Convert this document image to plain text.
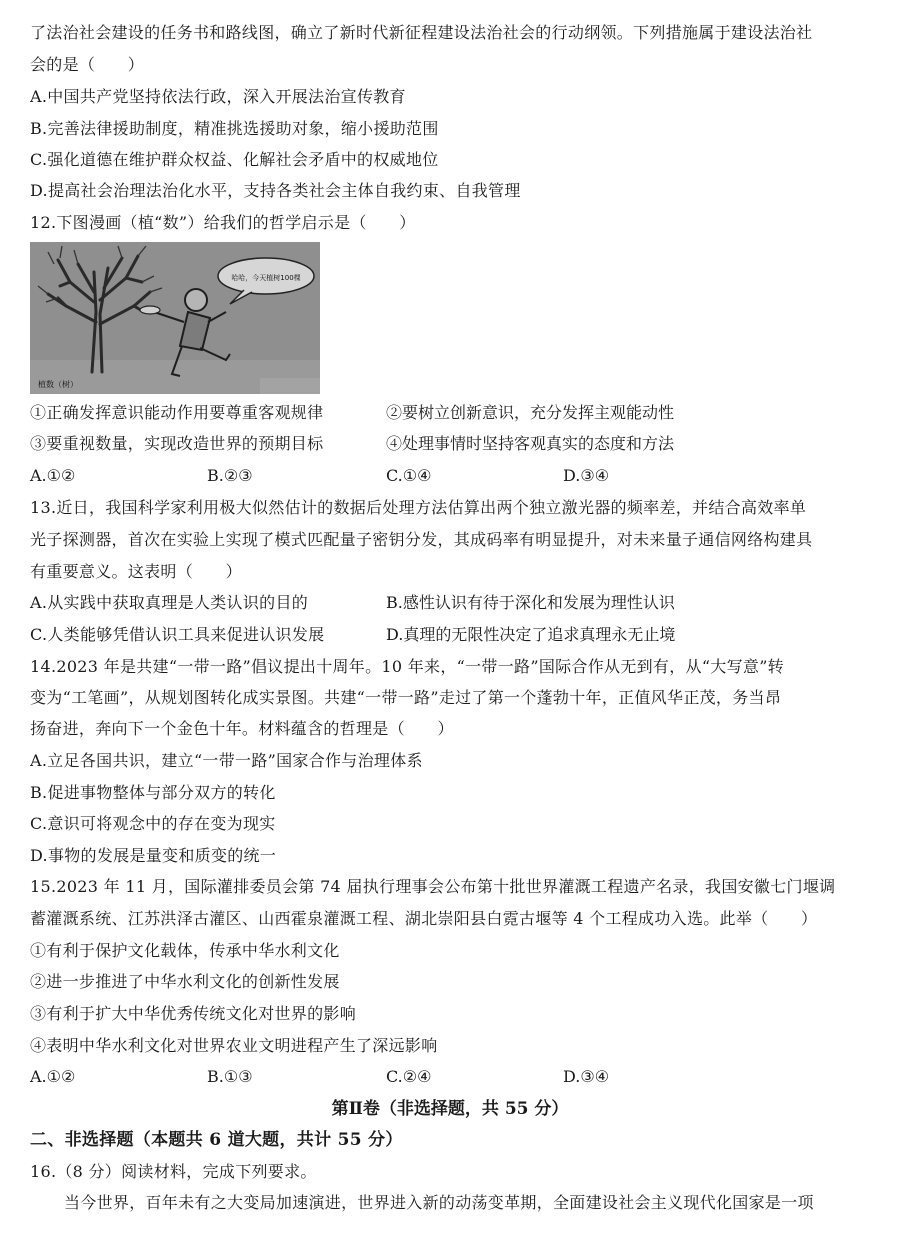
了法治社会建设的任务书和路线图，确立了新时代新征程建设法治社会的行动纲领。下列措施属于建设法治社
会的是（　　）
A.中国共产党坚持依法行政，深入开展法治宣传教育
B.完善法律援助制度，精准挑选援助对象，缩小援助范围
C.强化道德在维护群众权益、化解社会矛盾中的权威地位
D.提高社会治理法治化水平，支持各类社会主体自我约束、自我管理
12.下图漫画（植“数”）给我们的哲学启示是（　　）
哈哈，今天植树100棵
植数（树）
①正确发挥意识能动作用要尊重客观规律	②要树立创新意识，充分发挥主观能动性
③要重视数量，实现改造世界的预期目标	④处理事情时坚持客观真实的态度和方法
A.①②	B.②③	C.①④	D.③④
13.近日，我国科学家利用极大似然估计的数据后处理方法估算出两个独立激光器的频率差，并结合高效率单
光子探测器，首次在实验上实现了模式匹配量子密钥分发，其成码率有明显提升，对未来量子通信网络构建具
有重要意义。这表明（　　）
A.从实践中获取真理是人类认识的目的	B.感性认识有待于深化和发展为理性认识
C.人类能够凭借认识工具来促进认识发展	D.真理的无限性决定了追求真理永无止境
14.2023 年是共建“一带一路”倡议提出十周年。10 年来，“一带一路”国际合作从无到有，从“大写意”转
变为“工笔画”，从规划图转化成实景图。共建“一带一路”走过了第一个蓬勃十年，正值风华正茂，务当昂
扬奋进，奔向下一个金色十年。材料蕴含的哲理是（　　）
A.立足各国共识，建立“一带一路”国家合作与治理体系
B.促进事物整体与部分双方的转化
C.意识可将观念中的存在变为现实
D.事物的发展是量变和质变的统一
15.2023 年 11 月，国际灌排委员会第 74 届执行理事会公布第十批世界灌溉工程遗产名录，我国安徽七门堰调
蓄灌溉系统、江苏洪泽古灌区、山西霍泉灌溉工程、湖北崇阳县白霓古堰等 4 个工程成功入选。此举（　　）
①有利于保护文化载体，传承中华水利文化
②进一步推进了中华水利文化的创新性发展
③有利于扩大中华优秀传统文化对世界的影响
④表明中华水利文化对世界农业文明进程产生了深远影响
A.①②	B.①③	C.②④	D.③④
第Ⅱ卷（非选择题，共 55 分）
二、非选择题（本题共 6 道大题，共计 55 分）
16.（8 分）阅读材料，完成下列要求。
当今世界，百年未有之大变局加速演进，世界进入新的动荡变革期，全面建设社会主义现代化国家是一项
